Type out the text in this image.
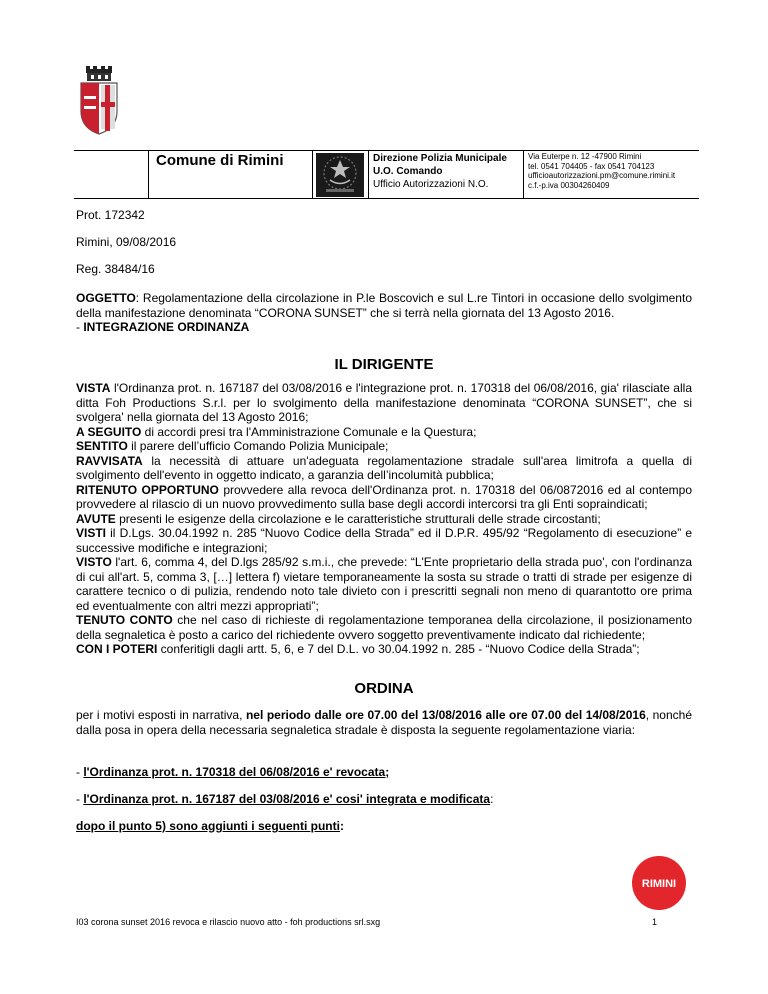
Comune di Rimini	Direzione Polizia Municipale
U.O. Comando
Ufficio Autorizzazioni N.O.
Via Euterpe n. 12 -47900 Rimini
tel. 0541 704405 - fax 0541 704123
ufficioautorizzazioni.pm@comune.rimini.it
c.f.-p.iva 00304260409
Prot. 172342
Rimini, 09/08/2016
Reg. 38484/16

OGGETTO: Regolamentazione della circolazione in P.le Boscovich e sul L.re Tintori in occasione dello svolgimento della manifestazione denominata “CORONA SUNSET” che si terrà nella giornata del 13 Agosto 2016.

- INTEGRAZIONE ORDINANZA

IL DIRIGENTE

VISTA l'Ordinanza prot. n. 167187 del 03/08/2016 e l'integrazione prot. n. 170318 del 06/08/2016, gia' rilasciate alla ditta Foh Productions S.r.l. per lo svolgimento della manifestazione denominata “CORONA SUNSET”, che si svolgera' nella giornata del 13 Agosto 2016;

A SEGUITO di accordi presi tra l'Amministrazione Comunale e la Questura;

SENTITO il parere dell’ufficio Comando Polizia Municipale;

RAVVISATA la necessità di attuare un'adeguata regolamentazione stradale sull'area limitrofa a quella di svolgimento dell'evento in oggetto indicato, a garanzia dell’incolumità pubblica;

RITENUTO OPPORTUNO provvedere alla revoca dell'Ordinanza prot. n. 170318 del 06/0872016 ed al contempo provvedere al rilascio di un nuovo provvedimento sulla base degli accordi intercorsi tra gli Enti sopraindicati;

AVUTE presenti le esigenze della circolazione e le caratteristiche strutturali delle strade circostanti;

VISTI il D.Lgs. 30.04.1992 n. 285 “Nuovo Codice della Strada” ed il D.P.R. 495/92 “Regolamento di esecuzione” e successive modifiche e integrazioni;

VISTO l'art. 6, comma 4, del D.lgs 285/92 s.m.i., che prevede: “L'Ente proprietario della strada puo', con l'ordinanza di cui all'art. 5, comma 3, […] lettera f) vietare temporaneamente la sosta su strade o tratti di strade per esigenze di carattere tecnico o di pulizia, rendendo noto tale divieto con i prescritti segnali non meno di quarantotto ore prima ed eventualmente con altri mezzi appropriati”;

TENUTO CONTO che nel caso di richieste di regolamentazione temporanea della circolazione, il posizionamento della segnaletica è posto a carico del richiedente ovvero soggetto preventivamente indicato dal richiedente;

CON I POTERI conferitigli dagli artt. 5, 6, e 7 del D.L. vo 30.04.1992 n. 285 - “Nuovo Codice della Strada”;

ORDINA

per i motivi esposti in narrativa, nel periodo dalle ore 07.00 del 13/08/2016 alle ore 07.00 del 14/08/2016, nonché dalla posa in opera della necessaria segnaletica stradale è disposta la seguente regolamentazione viaria:

- l'Ordinanza prot. n. 170318 del 06/08/2016 e' revocata;

- l'Ordinanza prot. n. 167187 del 03/08/2016 e' cosi' integrata e modificata:

dopo il punto 5) sono aggiunti i seguenti punti:

RIMINI
I03 corona sunset 2016 revoca e rilascio nuovo atto - foh productions srl.sxg	1
